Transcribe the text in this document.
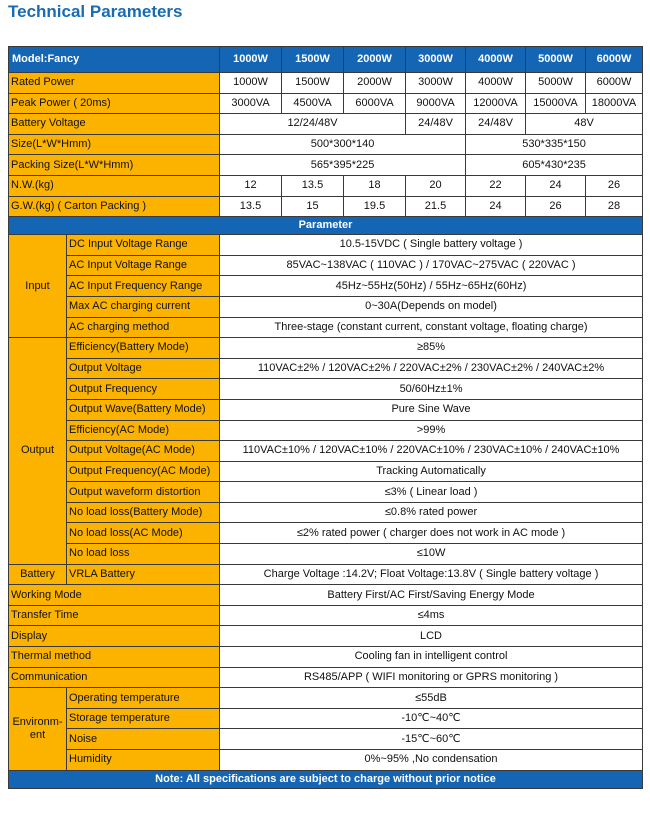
Technical Parameters
Model:Fancy		1000W	1500W	2000W	3000W	4000W	5000W	6000W
Rated Power		1000W	1500W	2000W	3000W	4000W	5000W	6000W
Peak Power ( 20ms)		3000VA	4500VA	6000VA	9000VA	12000VA	15000VA	18000VA
Battery Voltage		12/24/48V			24/48V	24/48V	48V	
Size(L*W*Hmm)		500*300*140				530*335*150		
Packing Size(L*W*Hmm)		565*395*225				605*430*235		
N.W.(kg)		12	13.5	18	20	22	24	26
G.W.(kg) ( Carton Packing )		13.5	15	19.5	21.5	24	26	28
Parameter								
Input	DC Input Voltage Range	10.5-15VDC ( Single battery voltage )						
	AC Input Voltage Range	85VAC~138VAC ( 110VAC ) / 170VAC~275VAC ( 220VAC )						
	AC Input Frequency Range	45Hz~55Hz(50Hz) / 55Hz~65Hz(60Hz)						
	Max AC charging current	0~30A(Depends on model)						
	AC charging method	Three-stage (constant current, constant voltage, floating charge)						
Output	Efficiency(Battery Mode)	≥85%						
	Output Voltage	110VAC±2% / 120VAC±2% / 220VAC±2% / 230VAC±2% / 240VAC±2%						
	Output Frequency	50/60Hz±1%						
	Output Wave(Battery Mode)	Pure Sine Wave						
	Efficiency(AC Mode)	>99%						
	Output Voltage(AC Mode)	110VAC±10% / 120VAC±10% / 220VAC±10% / 230VAC±10% / 240VAC±10%						
	Output Frequency(AC Mode)	Tracking Automatically						
	Output waveform distortion	≤3% ( Linear load )						
	No load loss(Battery Mode)	≤0.8% rated power						
	No load loss(AC Mode)	≤2% rated power ( charger does not work in AC mode )						
	No load loss	≤10W						
Battery	VRLA Battery	Charge Voltage :14.2V; Float Voltage:13.8V ( Single battery voltage )						
Working Mode		Battery First/AC First/Saving Energy Mode						
Transfer Time		≤4ms						
Display		LCD						
Thermal method		Cooling fan in intelligent control						
Communication		RS485/APP ( WIFI monitoring or GPRS monitoring )						
Environm-ent	Operating temperature	≤55dB						
	Storage temperature	-10℃~40℃						
	Noise	-15℃~60℃						
	Humidity	0%~95% ,No condensation						
Note: All specifications are subject to charge without prior notice								
